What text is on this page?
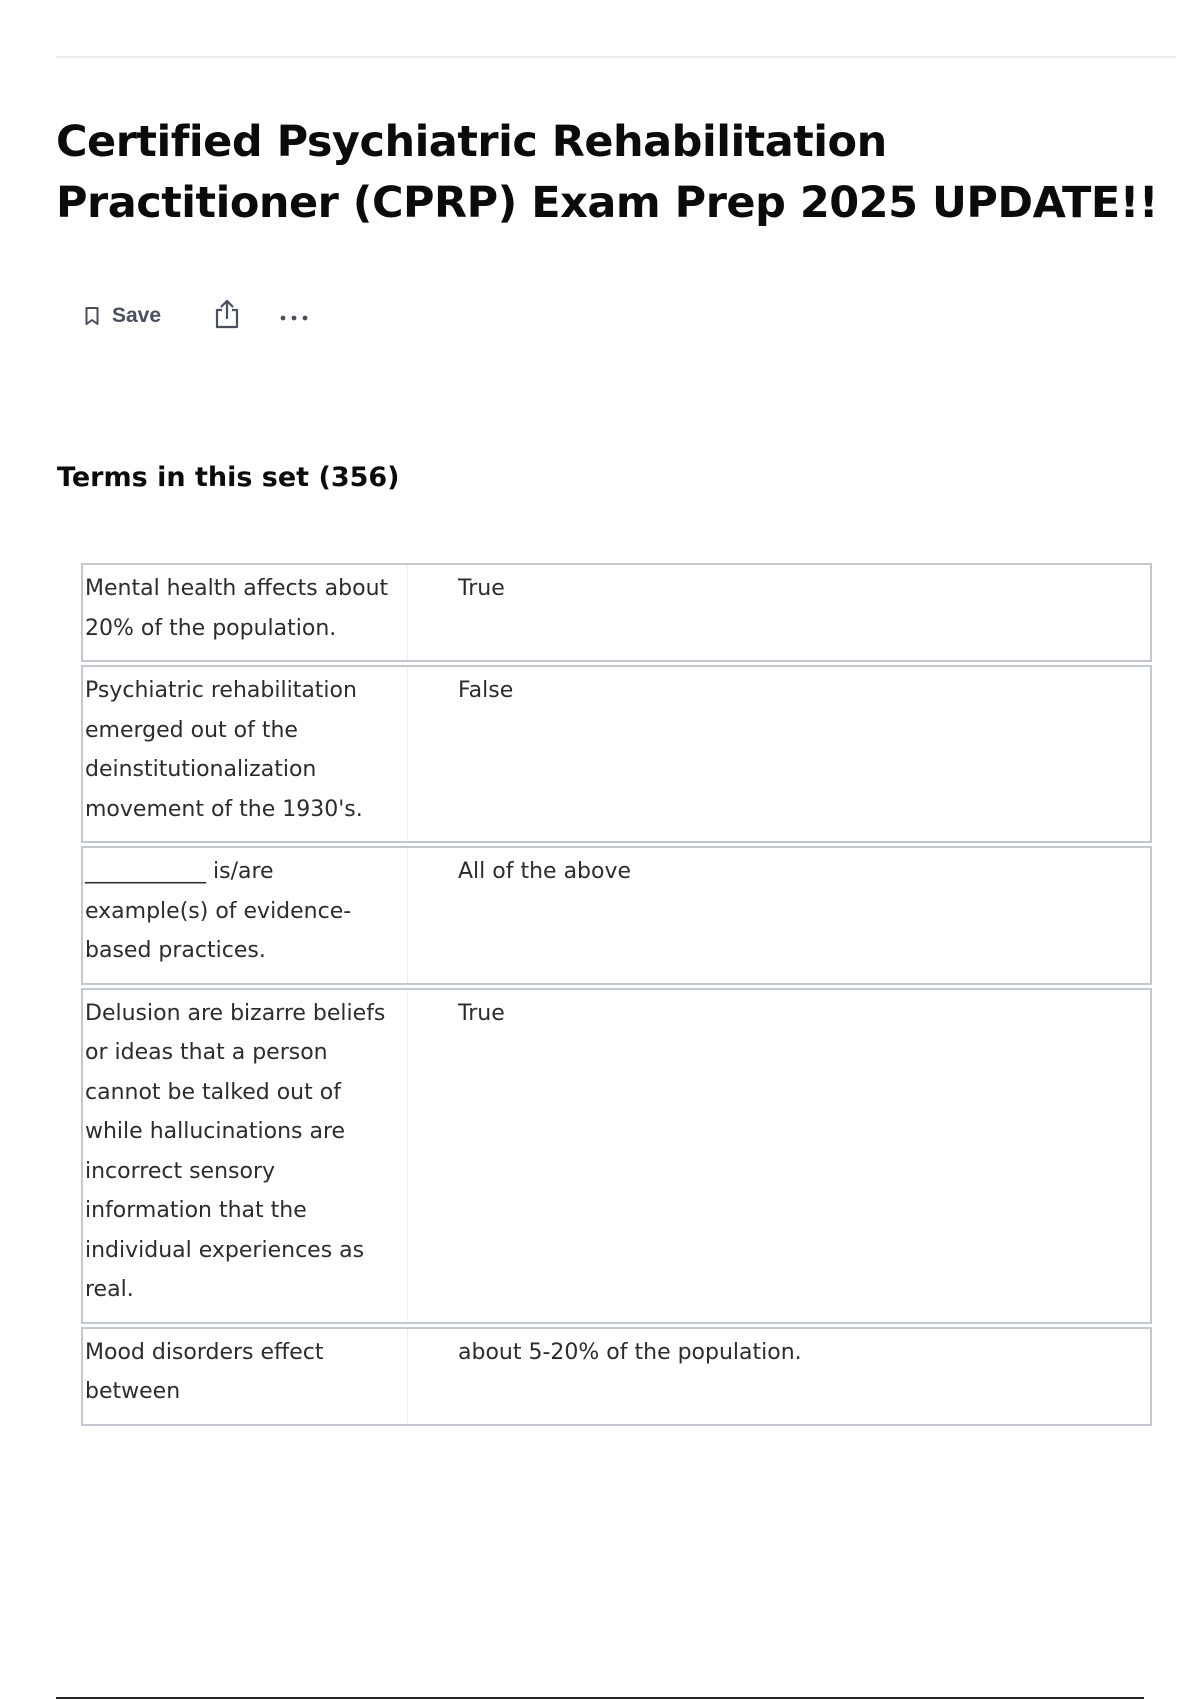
Certified Psychiatric Rehabilitation Practitioner (CPRP) Exam Prep 2025 UPDATE!!
Save
Terms in this set (356)
Mental health affects about 20% of the population.	True

Psychiatric rehabilitation emerged out of the deinstitutionalization movement of the 1930's.	False

___________ is/are example(s) of evidence-based practices.	All of the above

Delusion are bizarre beliefs or ideas that a person cannot be talked out of while hallucinations are incorrect sensory information that the individual experiences as real.	True

Mood disorders effect between	about 5-20% of the population.
